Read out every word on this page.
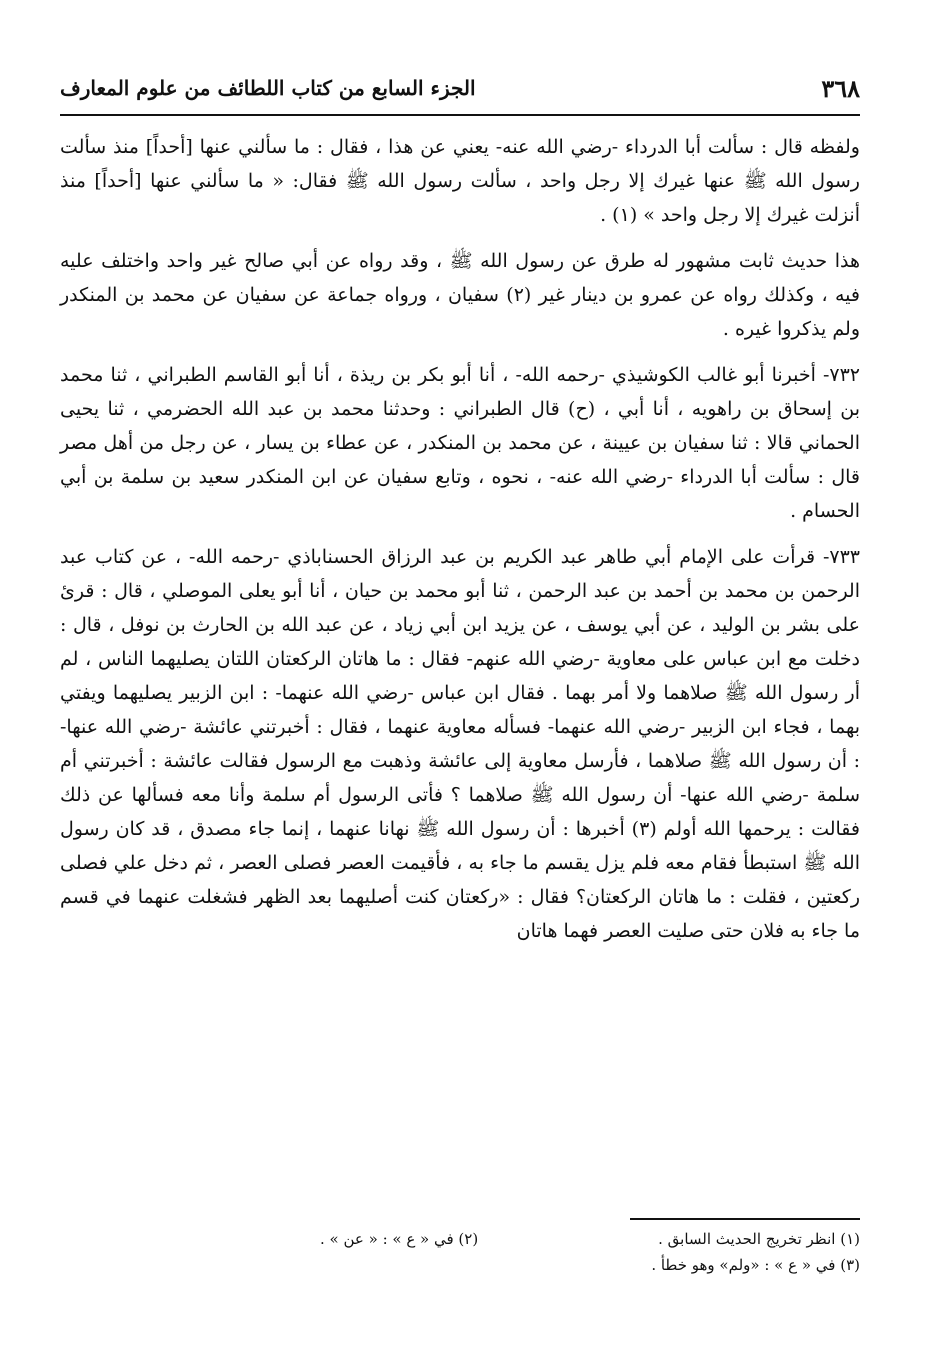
٣٦٨
الجزء السابع من كتاب اللطائف من علوم المعارف

ولفظه قال : سألت أبا الدرداء -رضي الله عنه- يعني عن هذا ، فقال : ما سألني عنها [أحداً] منذ سألت رسول الله ﷺ عنها غيرك إلا رجل واحد ، سألت رسول الله ﷺ فقال: « ما سألني عنها [أحداً] منذ أنزلت غيرك إلا رجل واحد » (١) .

هذا حديث ثابت مشهور له طرق عن رسول الله ﷺ ، وقد رواه عن أبي صالح غير واحد واختلف عليه فيه ، وكذلك رواه عن عمرو بن دينار غير (٢) سفيان ، ورواه جماعة عن سفيان عن محمد بن المنكدر ولم يذكروا غيره .

٧٣٢- أخبرنا أبو غالب الكوشيذي -رحمه الله- ، أنا أبو بكر بن ريذة ، أنا أبو القاسم الطبراني ، ثنا محمد بن إسحاق بن راهويه ، أنا أبي ، (ح) قال الطبراني : وحدثنا محمد بن عبد الله الحضرمي ، ثنا يحيى الحماني قالا : ثنا سفيان بن عيينة ، عن محمد بن المنكدر ، عن عطاء بن يسار ، عن رجل من أهل مصر قال : سألت أبا الدرداء -رضي الله عنه- ، نحوه ، وتابع سفيان عن ابن المنكدر سعيد بن سلمة بن أبي الحسام .

٧٣٣- قرأت على الإمام أبي طاهر عبد الكريم بن عبد الرزاق الحسناباذي -رحمه الله- ، عن كتاب عبد الرحمن بن محمد بن أحمد بن عبد الرحمن ، ثنا أبو محمد بن حيان ، أنا أبو يعلى الموصلي ، قال : قرئ على بشر بن الوليد ، عن أبي يوسف ، عن يزيد ابن أبي زياد ، عن عبد الله بن الحارث بن نوفل ، قال : دخلت مع ابن عباس على معاوية -رضي الله عنهم- فقال : ما هاتان الركعتان اللتان يصليهما الناس ، لم أر رسول الله ﷺ صلاهما ولا أمر بهما . فقال ابن عباس -رضي الله عنهما- : ابن الزبير يصليهما ويفتي بهما ، فجاء ابن الزبير -رضي الله عنهما- فسأله معاوية عنهما ، فقال : أخبرتني عائشة -رضي الله عنها- : أن رسول الله ﷺ صلاهما ، فأرسل معاوية إلى عائشة وذهبت مع الرسول فقالت عائشة : أخبرتني أم سلمة -رضي الله عنها- أن رسول الله ﷺ صلاهما ؟ فأتى الرسول أم سلمة وأنا معه فسألها عن ذلك فقالت : يرحمها الله أولم (٣) أخبرها : أن رسول الله ﷺ نهانا عنهما ، إنما جاء مصدق ، قد كان رسول الله ﷺ استبطأ فقام معه فلم يزل يقسم ما جاء به ، فأقيمت العصر فصلى العصر ، ثم دخل علي فصلى ركعتين ، فقلت : ما هاتان الركعتان؟ فقال : «ركعتان كنت أصليهما بعد الظهر فشغلت عنهما في قسم ما جاء به فلان حتى صليت العصر فهما هاتان

(١) انظر تخريج الحديث السابق .
(٢) في « ع » : « عن » .
(٣) في « ع » : «ولم» وهو خطأ .
